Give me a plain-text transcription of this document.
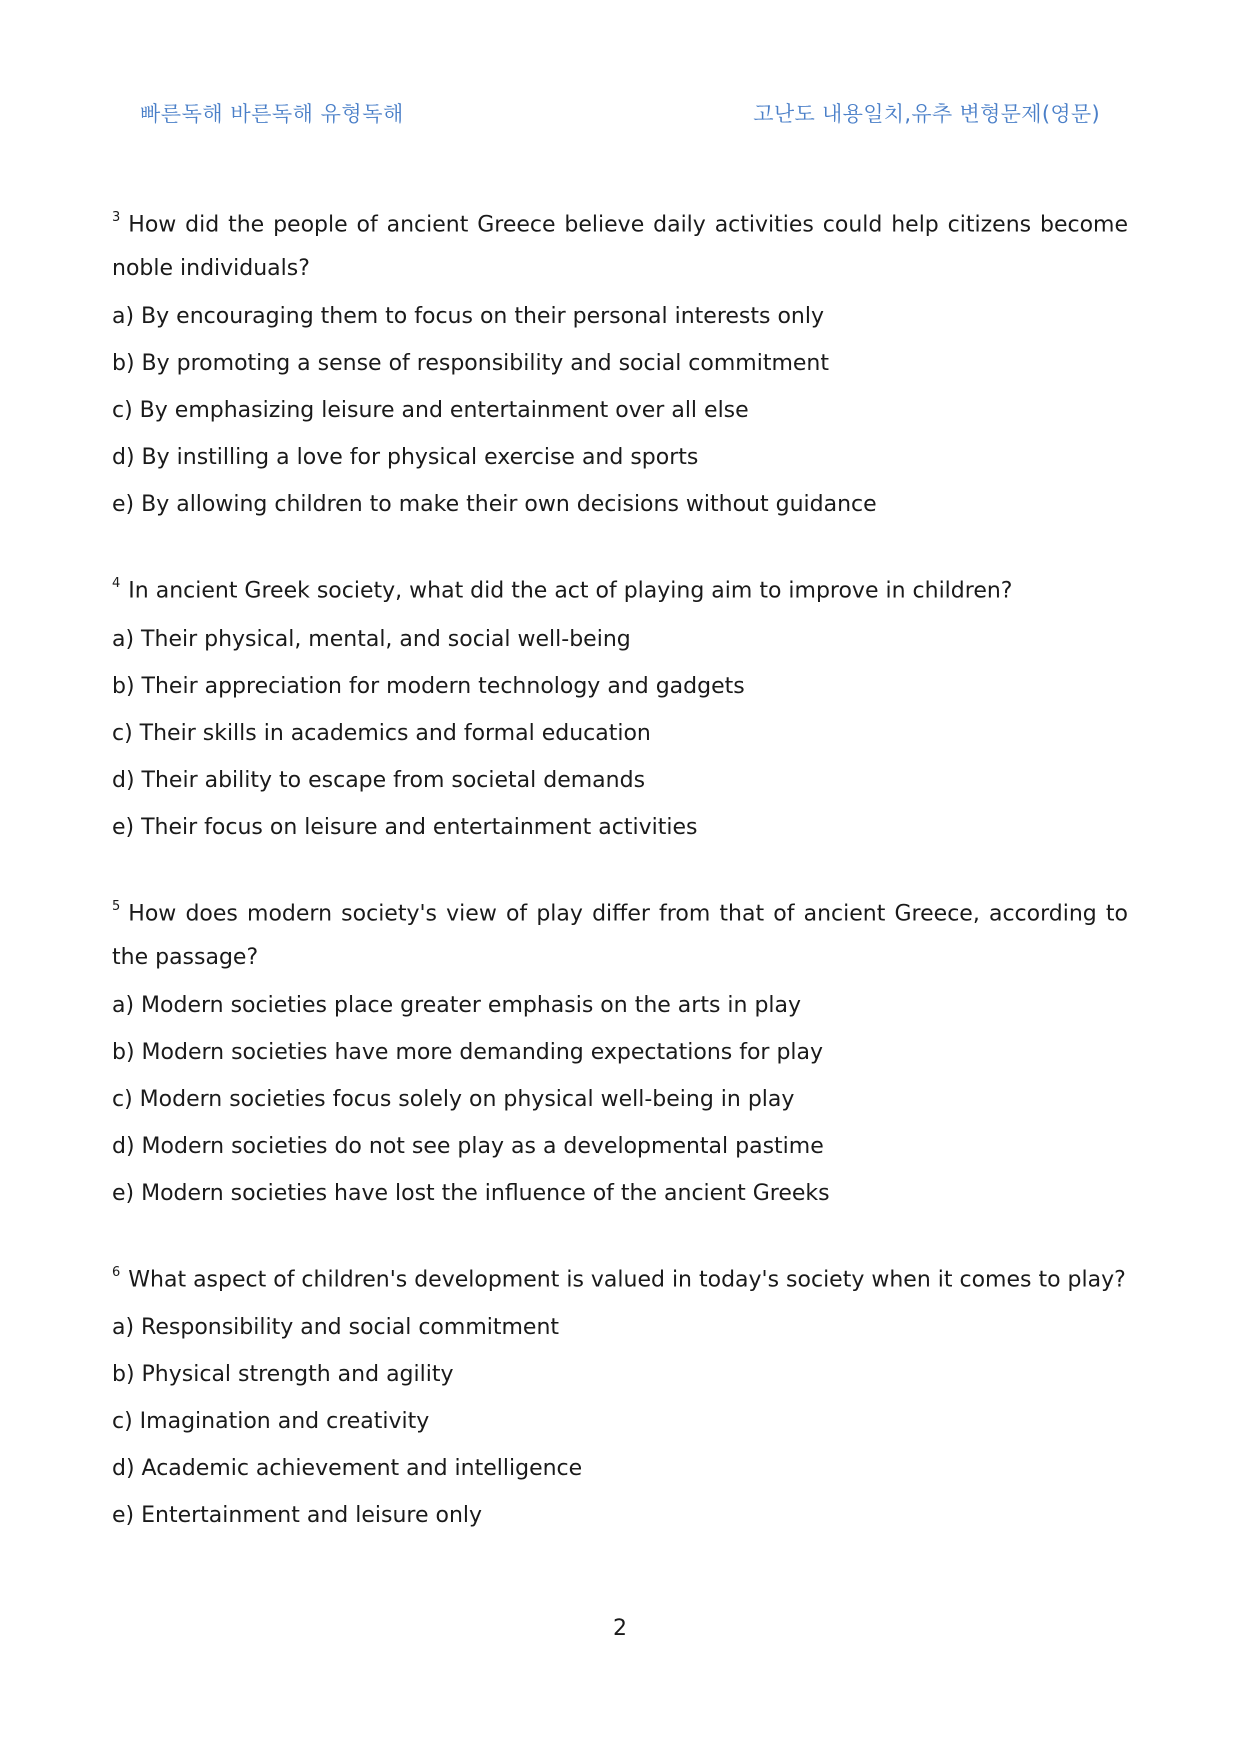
빠른독해 바른독해 유형독해	고난도 내용일치,유추 변형문제(영문)

$^3$ How did the people of ancient Greece believe daily activities could help citizens become noble individuals?

a) By encouraging them to focus on their personal interests only

b) By promoting a sense of responsibility and social commitment

c) By emphasizing leisure and entertainment over all else

d) By instilling a love for physical exercise and sports

e) By allowing children to make their own decisions without guidance

$^4$ In ancient Greek society, what did the act of playing aim to improve in children?

a) Their physical, mental, and social well-being

b) Their appreciation for modern technology and gadgets

c) Their skills in academics and formal education

d) Their ability to escape from societal demands

e) Their focus on leisure and entertainment activities

$^5$ How does modern society's view of play differ from that of ancient Greece, according to the passage?

a) Modern societies place greater emphasis on the arts in play

b) Modern societies have more demanding expectations for play

c) Modern societies focus solely on physical well-being in play

d) Modern societies do not see play as a developmental pastime

e) Modern societies have lost the influence of the ancient Greeks

$^6$ What aspect of children's development is valued in today's society when it comes to play?

a) Responsibility and social commitment

b) Physical strength and agility

c) Imagination and creativity

d) Academic achievement and intelligence

e) Entertainment and leisure only

2
